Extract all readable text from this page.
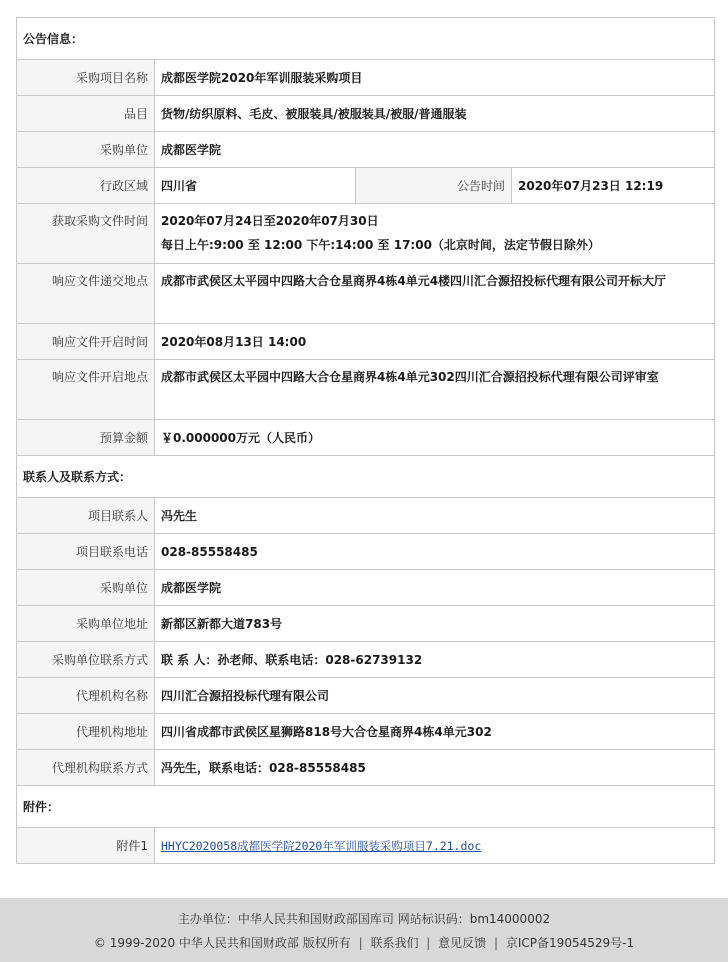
公告信息：			
采购项目名称	成都医学院2020年军训服装采购项目		
品目	货物/纺织原料、毛皮、被服装具/被服装具/被服/普通服装		
采购单位	成都医学院		
行政区域	四川省	公告时间	2020年07月23日 12:19
获取采购文件时间	2020年07月24日至2020年07月30日
每日上午:9:00 至 12:00 下午:14:00 至 17:00（北京时间，法定节假日除外）		

响应文件递交地点	成都市武侯区太平园中四路大合仓星商界4栋4单元4楼四川汇合源招投标代理有限公司开标大厅		
响应文件开启时间	2020年08月13日 14:00		
响应文件开启地点	成都市武侯区太平园中四路大合仓星商界4栋4单元302四川汇合源招投标代理有限公司评审室		
预算金额	￥0.000000万元（人民币）		
联系人及联系方式：			
项目联系人	冯先生		
项目联系电话	028-85558485		
采购单位	成都医学院		
采购单位地址	新都区新都大道783号		
采购单位联系方式	联 系 人：孙老师、联系电话：028-62739132		
代理机构名称	四川汇合源招投标代理有限公司		
代理机构地址	四川省成都市武侯区星狮路818号大合仓星商界4栋4单元302		
代理机构联系方式	冯先生，联系电话：028-85558485		
附件：			
附件1	HHYC2020058成都医学院2020年军训服装采购项目7.21.doc		
主办单位：中华人民共和国财政部国库司 网站标识码：bm14000002
© 1999-2020 中华人民共和国财政部 版权所有 | 联系我们 | 意见反馈 | 京ICP备19054529号-1
